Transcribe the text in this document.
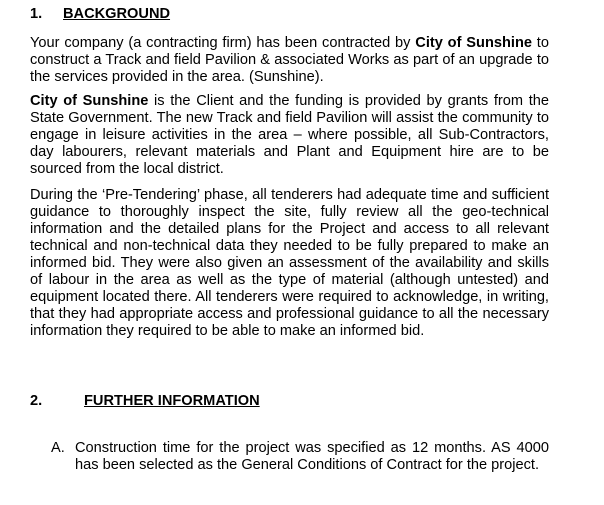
1. BACKGROUND

Your company (a contracting firm) has been contracted by City of Sunshine to construct a Track and field Pavilion & associated Works as part of an upgrade to the services provided in the area. (Sunshine).

City of Sunshine is the Client and the funding is provided by grants from the State Government. The new Track and field Pavilion will assist the community to engage in leisure activities in the area – where possible, all Sub-Contractors, day labourers, relevant materials and Plant and Equipment hire are to be sourced from the local district.

During the ‘Pre-Tendering’ phase, all tenderers had adequate time and sufficient guidance to thoroughly inspect the site, fully review all the geo-technical information and the detailed plans for the Project and access to all relevant technical and non-technical data they needed to be fully prepared to make an informed bid. They were also given an assessment of the availability and skills of labour in the area as well as the type of material (although untested) and equipment located there. All tenderers were required to acknowledge, in writing, that they had appropriate access and professional guidance to all the necessary information they required to be able to make an informed bid.

2.	FURTHER INFORMATION
A. Construction time for the project was specified as 12 months. AS 4000 has been selected as the General Conditions of Contract for the project.
